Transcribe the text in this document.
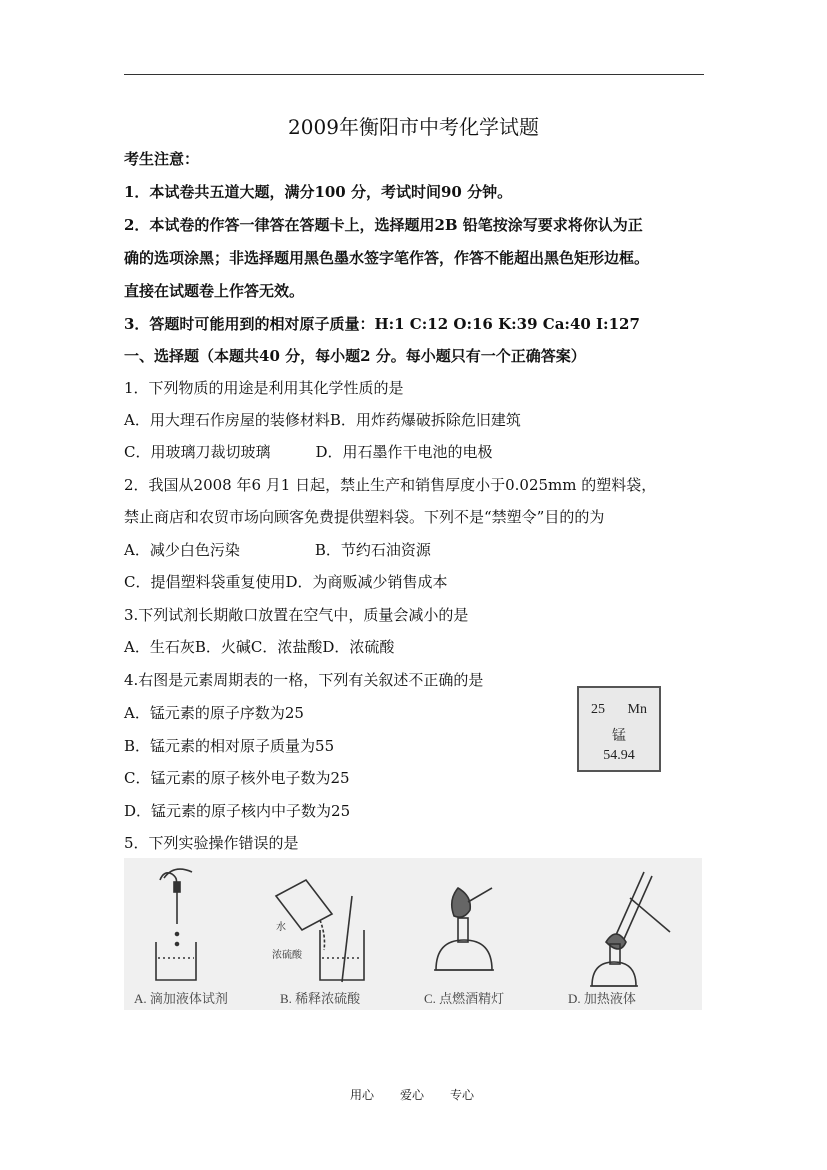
2009年衡阳市中考化学试题
考生注意：
1．本试卷共五道大题，满分100 分，考试时间90 分钟。
2．本试卷的作答一律答在答题卡上，选择题用2B 铅笔按涂写要求将你认为正
确的选项涂黑；非选择题用黑色墨水签字笔作答，作答不能超出黑色矩形边框。
直接在试题卷上作答无效。
3．答题时可能用到的相对原子质量：H:1 C:12 O:16 K:39 Ca:40 I:127
一、选择题（本题共40 分，每小题2 分。每小题只有一个正确答案）
1．下列物质的用途是利用其化学性质的是
A．用大理石作房屋的装修材料B．用炸药爆破拆除危旧建筑
C．用玻璃刀裁切玻璃　　　D．用石墨作干电池的电极
2．我国从2008 年6 月1 日起，禁止生产和销售厚度小于0.025mm 的塑料袋，
禁止商店和农贸市场向顾客免费提供塑料袋。下列不是“禁塑令”目的的为
A．减少白色污染　　　　　B．节约石油资源
C．提倡塑料袋重复使用D．为商贩减少销售成本
3.下列试剂长期敞口放置在空气中，质量会减小的是
A．生石灰B．火碱C．浓盐酸D．浓硫酸
4.右图是元素周期表的一格，下列有关叙述不正确的是
A．锰元素的原子序数为25
B．锰元素的相对原子质量为55
C．锰元素的原子核外电子数为25
D．锰元素的原子核内中子数为25
5．下列实验操作错误的是
25 Mn
锰
54.94
水
浓硫酸
A. 滴加液体试剂	B. 稀释浓硫酸	C. 点燃酒精灯	D. 加热液体
用心 爱心 专心
